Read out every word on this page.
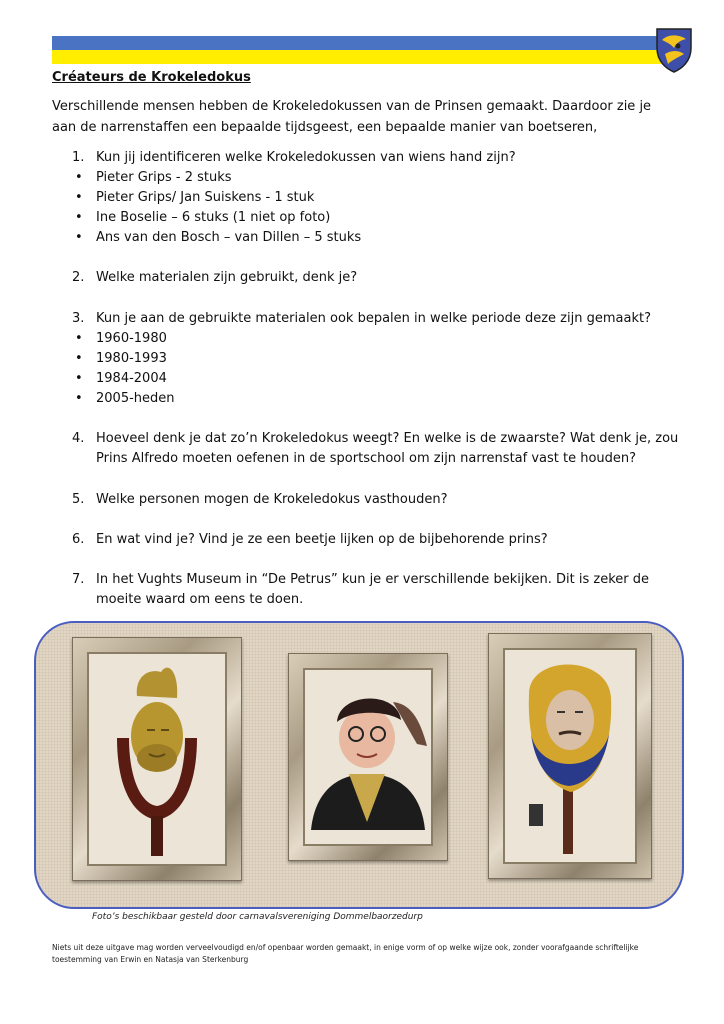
Créateurs de Krokeledokus
Verschillende mensen hebben de Krokeledokussen van de Prinsen gemaakt. Daardoor zie je aan de narrenstaffen een bepaalde tijdsgeest, een bepaalde manier van boetseren,
1. Kun jij identificeren welke Krokeledokussen van wiens hand zijn?
• Pieter Grips - 2 stuks
• Pieter Grips/ Jan Suiskens - 1 stuk
• Ine Boselie – 6 stuks (1 niet op foto)
• Ans van den Bosch – van Dillen – 5 stuks
2. Welke materialen zijn gebruikt, denk je?
3. Kun je aan de gebruikte materialen ook bepalen in welke periode deze zijn gemaakt?
• 1960-1980
• 1980-1993
• 1984-2004
• 2005-heden
4. Hoeveel denk je dat zo’n Krokeledokus weegt? En welke is de zwaarste? Wat denk je, zou Prins Alfredo moeten oefenen in de sportschool om zijn narrenstaf vast te houden?
5. Welke personen mogen de Krokeledokus vasthouden?
6. En wat vind je? Vind je ze een beetje lijken op de bijbehorende prins?
7. In het Vughts Museum in “De Petrus” kun je er verschillende bekijken. Dit is zeker de moeite waard om eens te doen.
Foto’s beschikbaar gesteld door carnavalsvereniging Dommelbaorzedurp
Niets uit deze uitgave mag worden verveelvoudigd en/of openbaar worden gemaakt, in enige vorm of op welke wijze ook, zonder voorafgaande schriftelijke toestemming van Erwin en Natasja van Sterkenburg
